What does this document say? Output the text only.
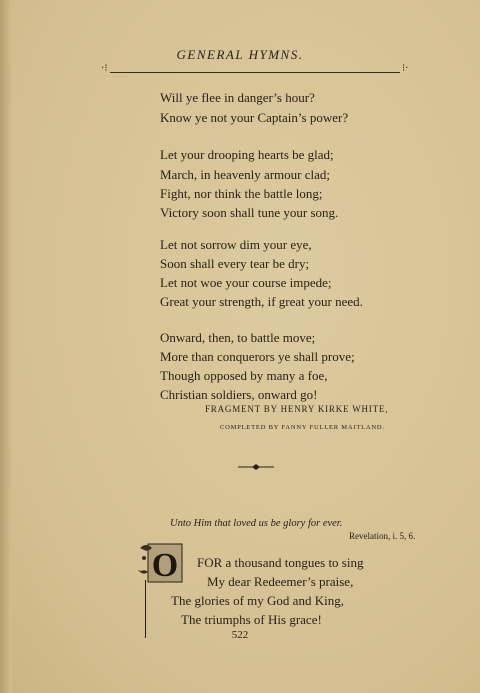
GENERAL HYMNS.
·⁝	⁝·
Will ye flee in danger’s hour?
Know ye not your Captain’s power?
Let your drooping hearts be glad;
March, in heavenly armour clad;
Fight, nor think the battle long;
Victory soon shall tune your song.
Let not sorrow dim your eye,
Soon shall every tear be dry;
Let not woe your course impede;
Great your strength, if great your need.
Onward, then, to battle move;
More than conquerors ye shall prove;
Though opposed by many a foe,
Christian soldiers, onward go!
FRAGMENT BY HENRY KIRKE WHITE,
COMPLETED BY FANNY FULLER MAITLAND.
Unto Him that loved us be glory for ever.
Revelation, i. 5, 6.
O FOR a thousand tongues to sing
My dear Redeemer’s praise,
The glories of my God and King,
The triumphs of His grace!
522
